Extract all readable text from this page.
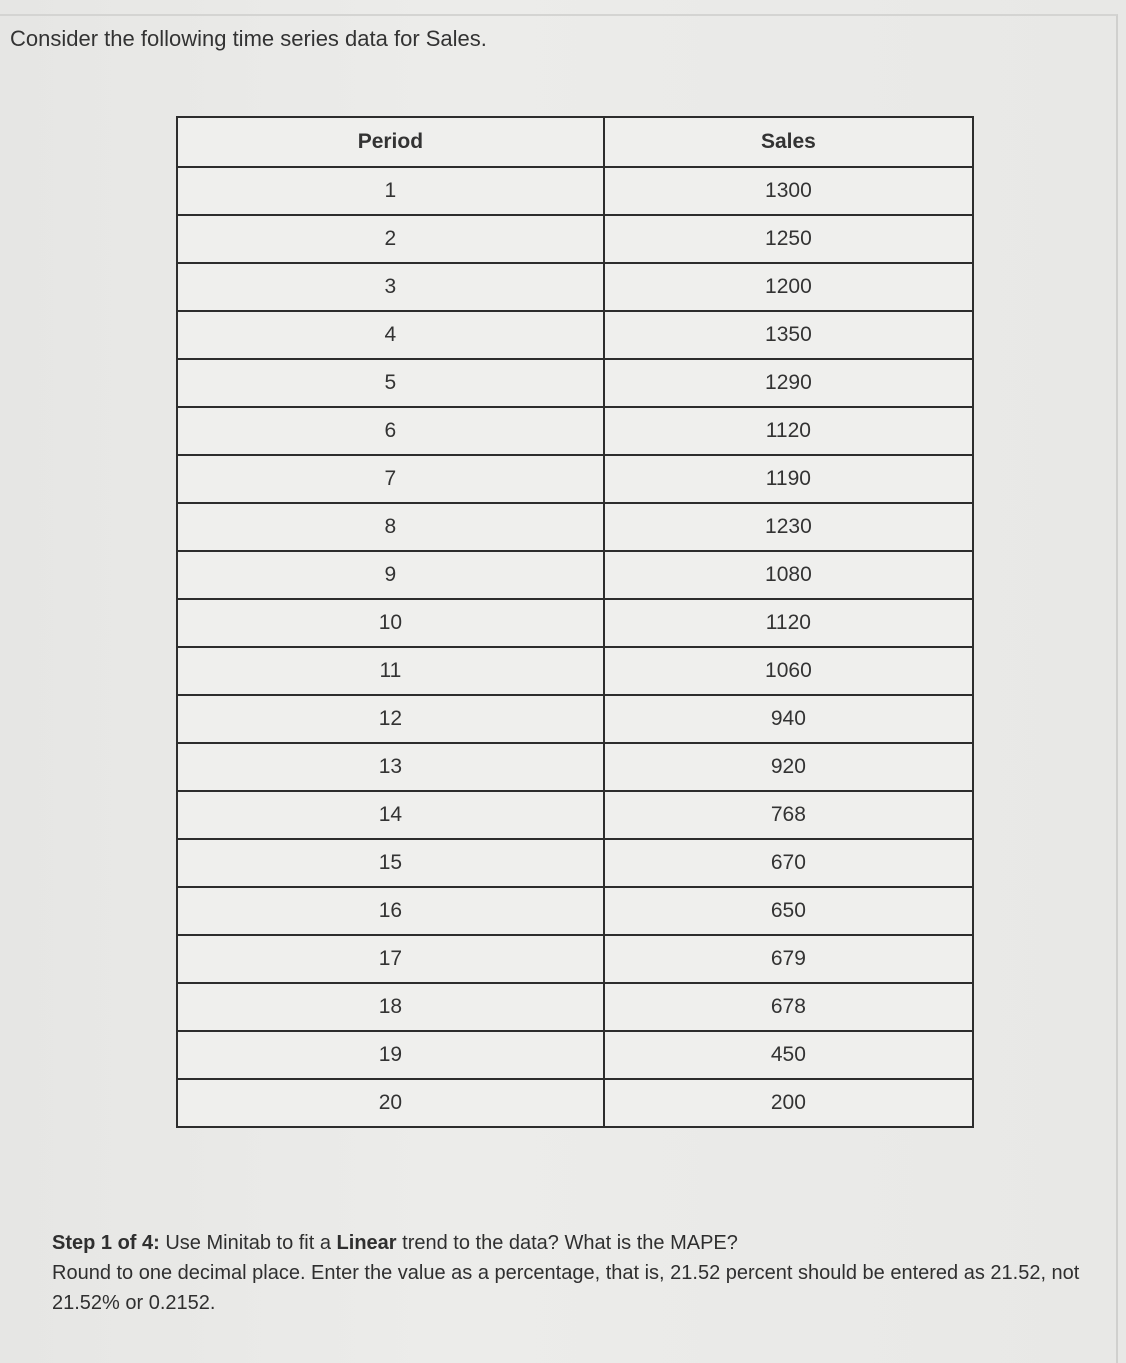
Consider the following time series data for Sales.
Period	Sales
1	1300
2	1250
3	1200
4	1350
5	1290
6	1120
7	1190
8	1230
9	1080
10	1120
11	1060
12	940
13	920
14	768
15	670
16	650
17	679
18	678
19	450
20	200
Step 1 of 4: Use Minitab to fit a Linear trend to the data? What is the MAPE?
Round to one decimal place. Enter the value as a percentage, that is, 21.52 percent should be entered as 21.52, not 21.52% or 0.2152.
